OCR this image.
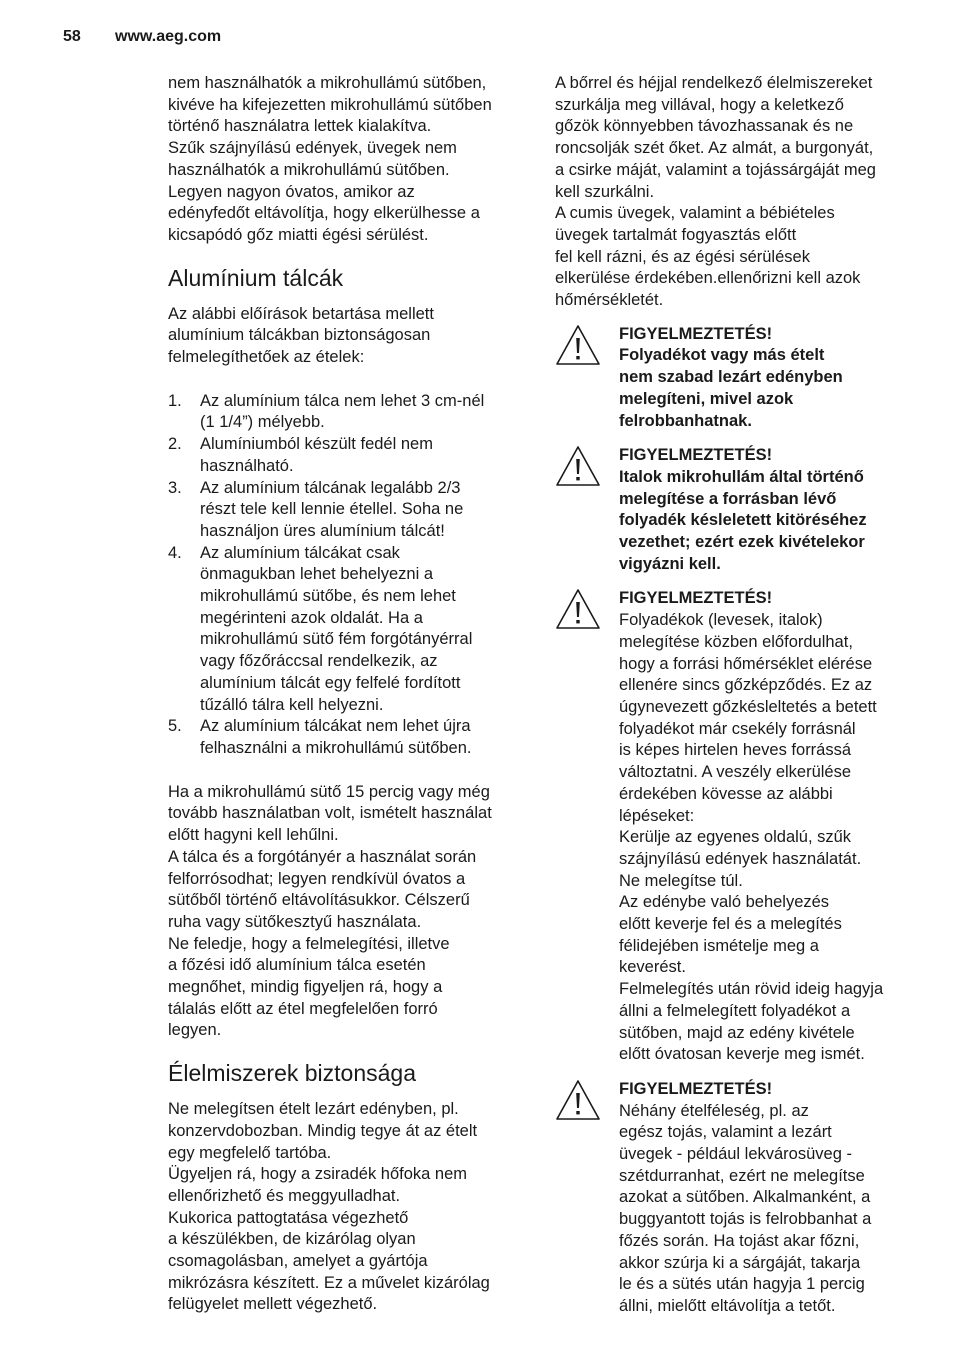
58 www.aeg.com
nem használhatók a mikrohullámú sütőben,
kivéve ha kifejezetten mikrohullámú sütőben
történő használatra lettek kialakítva.
Szűk szájnyílású edények, üvegek nem
használhatók a mikrohullámú sütőben.
Legyen nagyon óvatos, amikor az
edényfedőt eltávolítja, hogy elkerülhesse a
kicsapódó gőz miatti égési sérülést.
Alumínium tálcák
Az alábbi előírások betartása mellett
alumínium tálcákban biztonságosan
felmelegíthetőek az ételek:
1. Az alumínium tálca nem lehet 3 cm-nél
(1 1/4”) mélyebb.
2. Alumíniumból készült fedél nem
használható.
3. Az alumínium tálcának legalább 2/3
részt tele kell lennie étellel. Soha ne
használjon üres alumínium tálcát!
4. Az alumínium tálcákat csak
önmagukban lehet behelyezni a
mikrohullámú sütőbe, és nem lehet
megérinteni azok oldalát. Ha a
mikrohullámú sütő fém forgótányérral
vagy főzőráccsal rendelkezik, az
alumínium tálcát egy felfelé fordított
tűzálló tálra kell helyezni.
5. Az alumínium tálcákat nem lehet újra
felhasználni a mikrohullámú sütőben.
Ha a mikrohullámú sütő 15 percig vagy még
tovább használatban volt, ismételt használat
előtt hagyni kell lehűlni.
A tálca és a forgótányér a használat során
felforrósodhat; legyen rendkívül óvatos a
sütőből történő eltávolításukkor. Célszerű
ruha vagy sütőkesztyű használata.
Ne feledje, hogy a felmelegítési, illetve
a főzési idő alumínium tálca esetén
megnőhet, mindig figyeljen rá, hogy a
tálalás előtt az étel megfelelően forró
legyen.
Élelmiszerek biztonsága
Ne melegítsen ételt lezárt edényben, pl.
konzervdobozban. Mindig tegye át az ételt
egy megfelelő tartóba.
Ügyeljen rá, hogy a zsiradék hőfoka nem
ellenőrizhető és meggyulladhat.
Kukorica pattogtatása végezhető
a készülékben, de kizárólag olyan
csomagolásban, amelyet a gyártója
mikrózásra készített. Ez a művelet kizárólag
felügyelet mellett végezhető.
A bőrrel és héjjal rendelkező élelmiszereket
szurkálja meg villával, hogy a keletkező
gőzök könnyebben távozhassanak és ne
roncsolják szét őket. Az almát, a burgonyát,
a csirke máját, valamint a tojássárgáját meg
kell szurkálni.
A cumis üvegek, valamint a bébiételes
üvegek tartalmát fogyasztás előtt
fel kell rázni, és az égési sérülések
elkerülése érdekében.ellenőrizni kell azok
hőmérsékletét.
FIGYELMEZTETÉS!
Folyadékot vagy más ételt
nem szabad lezárt edényben
melegíteni, mivel azok
felrobbanhatnak.
FIGYELMEZTETÉS!
Italok mikrohullám által történő
melegítése a forrásban lévő
folyadék késleletett kitöréséhez
vezethet; ezért ezek kivételekor
vigyázni kell.
FIGYELMEZTETÉS!
Folyadékok (levesek, italok)
melegítése közben előfordulhat,
hogy a forrási hőmérséklet elérése
ellenére sincs gőzképződés. Ez az
úgynevezett gőzkésleltetés a betett
folyadékot már csekély forrásnál
is képes hirtelen heves forrássá
változtatni. A veszély elkerülése
érdekében kövesse az alábbi
lépéseket:
Kerülje az egyenes oldalú, szűk
szájnyílású edények használatát.
Ne melegítse túl.
Az edénybe való behelyezés
előtt keverje fel és a melegítés
félidejében ismételje meg a
keverést.
Felmelegítés után rövid ideig hagyja
állni a felmelegített folyadékot a
sütőben, majd az edény kivétele
előtt óvatosan keverje meg ismét.
FIGYELMEZTETÉS!
Néhány ételféleség, pl. az
egész tojás, valamint a lezárt
üvegek - például lekvárosüveg -
szétdurranhat, ezért ne melegítse
azokat a sütőben. Alkalmanként, a
buggyantott tojás is felrobbanhat a
főzés során. Ha tojást akar főzni,
akkor szúrja ki a sárgáját, takarja
le és a sütés után hagyja 1 percig
állni, mielőtt eltávolítja a tetőt.
